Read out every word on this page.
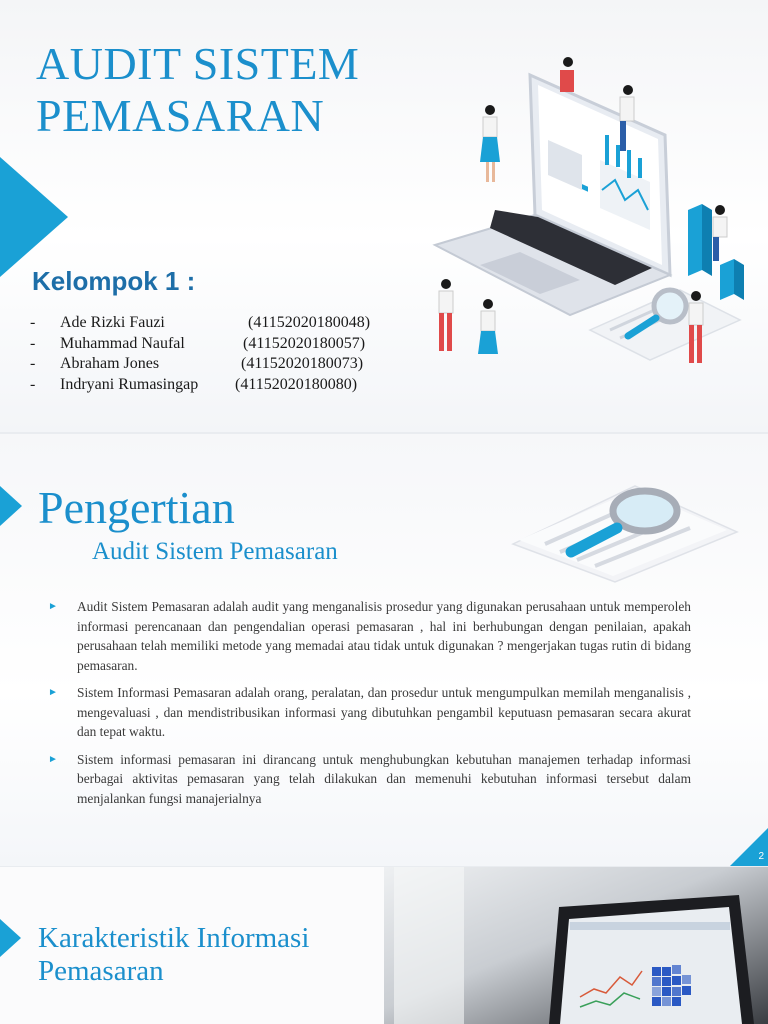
AUDIT SISTEM
PEMASARAN
Kelompok 1 :
- Ade Rizki Fauzi	(41152020180048)
- Muhammad Naufal	(41152020180057)
- Abraham Jones	(41152020180073)
- Indryani Rumasingap (41152020180080)
Pengertian
Audit Sistem Pemasaran
► Audit Sistem Pemasaran adalah audit yang menganalisis prosedur yang digunakan perusahaan untuk memperoleh informasi perencanaan dan pengendalian operasi pemasaran , hal ini berhubungan dengan penilaian, apakah perusahaan telah memiliki metode yang memadai atau tidak untuk digunakan ? mengerjakan tugas rutin di bidang pemasaran.
► Sistem Informasi Pemasaran adalah orang, peralatan, dan prosedur untuk mengumpulkan memilah menganalisis , mengevaluasi , dan mendistribusikan informasi yang dibutuhkan pengambil keputuasn pemasaran secara akurat dan tepat waktu.
► Sistem informasi pemasaran ini dirancang untuk menghubungkan kebutuhan manajemen terhadap informasi berbagai aktivitas pemasaran yang telah dilakukan dan memenuhi kebutuhan informasi tersebut dalam menjalankan fungsi manajerialnya
2
Karakteristik Informasi
Pemasaran
